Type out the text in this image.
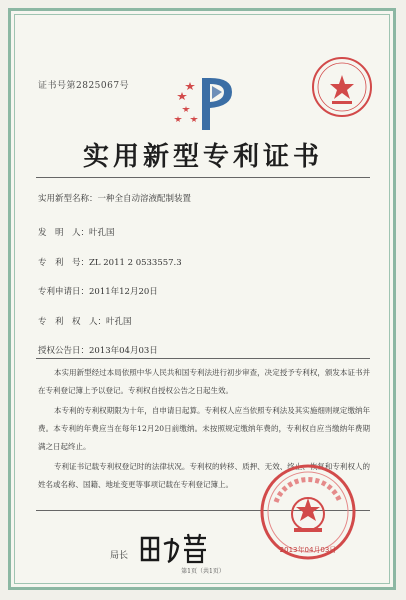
证书号第2825067号
实用新型专利证书
实用新型名称：一种全自动溶液配制装置
发　明　人：叶孔国
专　利　号：ZL 2011 2 0533557.3
专利申请日：2011年12月20日
专　利　权　人：叶孔国
授权公告日：2013年04月03日
本实用新型经过本局依照中华人民共和国专利法进行初步审查，决定授予专利权，颁发本证书并在专利登记簿上予以登记。专利权自授权公告之日起生效。
本专利的专利权期限为十年，自申请日起算。专利权人应当依照专利法及其实施细则规定缴纳年费。本专利的年费应当在每年12月20日前缴纳。未按照规定缴纳年费的，专利权自应当缴纳年费期满之日起终止。
专利证书记载专利权登记时的法律状况。专利权的转移、质押、无效、终止、恢复和专利权人的姓名或名称、国籍、地址变更等事项记载在专利登记簿上。
局长
2013年04月03日
第1页（共1页）
